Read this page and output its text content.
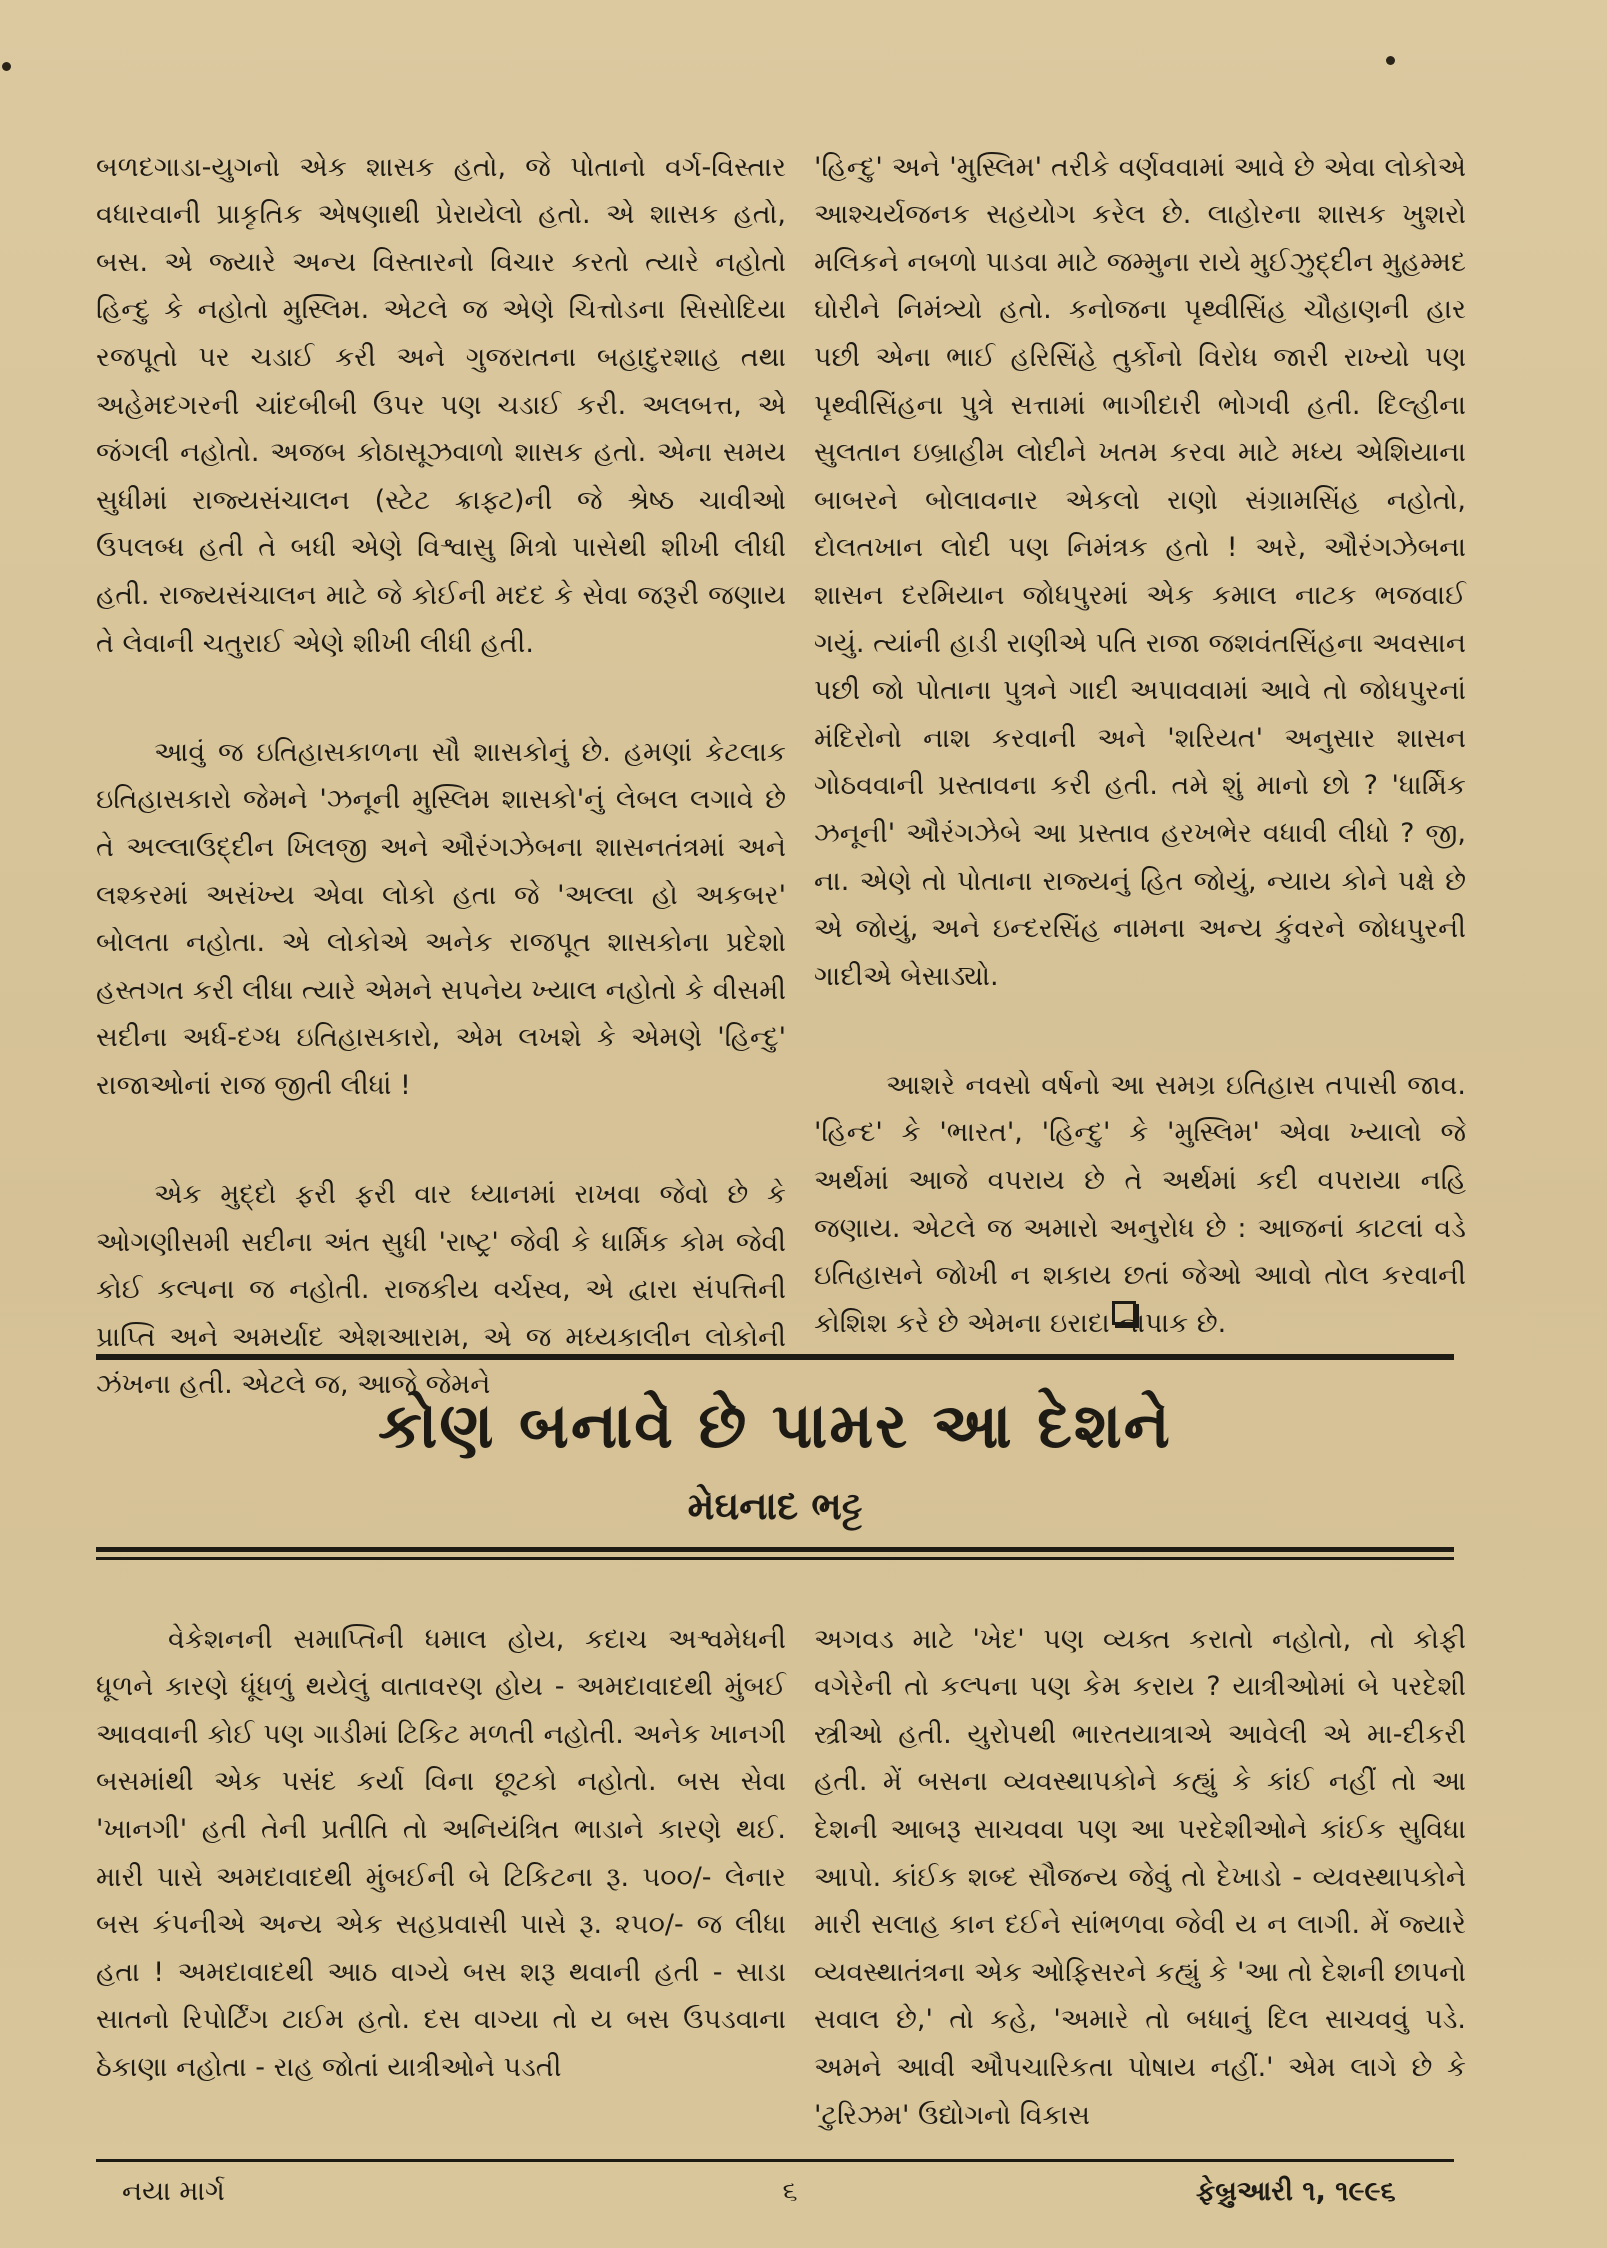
બળદગાડા-યુગનો એક શાસક હતો, જે પોતાનો વર્ગ-વિસ્તાર વધારવાની પ્રાકૃતિક એષણાથી પ્રેરાયેલો હતો. એ શાસક હતો, બસ. એ જ્યારે અન્ય વિસ્તારનો વિચાર કરતો ત્યારે નહોતો હિન્દુ કે નહોતો મુસ્લિમ. એટલે જ એણે ચિત્તોડના સિસોદિયા રજપૂતો પર ચડાઈ કરી અને ગુજરાતના બહાદુરશાહ તથા અહેમદગરની ચાંદબીબી ઉપર પણ ચડાઈ કરી. અલબત્ત, એ જંગલી નહોતો. અજબ કોઠાસૂઝવાળો શાસક હતો. એના સમય સુધીમાં રાજ્યસંચાલન (સ્ટેટ ક્રાફ્ટ)ની જે શ્રેષ્ઠ ચાવીઓ ઉપલબ્ધ હતી તે બધી એણે વિશ્વાસુ મિત્રો પાસેથી શીખી લીધી હતી. રાજ્યસંચાલન માટે જે કોઈની મદદ કે સેવા જરૂરી જણાય તે લેવાની ચતુરાઈ એણે શીખી લીધી હતી.

આવું જ ઇતિહાસકાળના સૌ શાસકોનું છે. હમણાં કેટલાક ઇતિહાસકારો જેમને 'ઝનૂની મુસ્લિમ શાસકો'નું લેબલ લગાવે છે તે અલ્લાઉદ્દીન ખિલજી અને ઔરંગઝેબના શાસનતંત્રમાં અને લશ્કરમાં અસંખ્ય એવા લોકો હતા જે 'અલ્લા હો અકબર' બોલતા નહોતા. એ લોકોએ અનેક રાજપૂત શાસકોના પ્રદેશો હસ્તગત કરી લીધા ત્યારે એમને સપનેય ખ્યાલ નહોતો કે વીસમી સદીના અર્ધ-દગ્ધ ઇતિહાસકારો, એમ લખશે કે એમણે 'હિન્દુ' રાજાઓનાં રાજ જીતી લીધાં !

એક મુદ્દો ફરી ફરી વાર ધ્યાનમાં રાખવા જેવો છે કે ઓગણીસમી સદીના અંત સુધી 'રાષ્ટ્ર' જેવી કે ધાર્મિક કોમ જેવી કોઈ કલ્પના જ નહોતી. રાજકીય વર્ચસ્વ, એ દ્વારા સંપત્તિની પ્રાપ્તિ અને અમર્યાદ એશઆરામ, એ જ મધ્યકાલીન લોકોની ઝંખના હતી. એટલે જ, આજે જેમને

'હિન્દુ' અને 'મુસ્લિમ' તરીકે વર્ણવવામાં આવે છે એવા લોકોએ આશ્ચર્યજનક સહયોગ કરેલ છે. લાહોરના શાસક ખુશરો મલિકને નબળો પાડવા માટે જમ્મુના રાયે મુઈઝુદ્દીન મુહમ્મદ ઘોરીને નિમંત્ર્યો હતો. કનોજના પૃથ્વીસિંહ ચૌહાણની હાર પછી એના ભાઈ હરિસિંહે તુર્કોનો વિરોધ જારી રાખ્યો પણ પૃથ્વીસિંહના પુત્રે સત્તામાં ભાગીદારી ભોગવી હતી. દિલ્હીના સુલતાન ઇબ્રાહીમ લોદીને ખતમ કરવા માટે મધ્ય એશિયાના બાબરને બોલાવનાર એકલો રાણો સંગ્રામસિંહ નહોતો, દોલતખાન લોદી પણ નિમંત્રક હતો ! અરે, ઔરંગઝેબના શાસન દરમિયાન જોધપુરમાં એક કમાલ નાટક ભજવાઈ ગયું. ત્યાંની હાડી રાણીએ પતિ રાજા જશવંતસિંહના અવસાન પછી જો પોતાના પુત્રને ગાદી અપાવવામાં આવે તો જોધપુરનાં મંદિરોનો નાશ કરવાની અને 'શરિયત' અનુસાર શાસન ગોઠવવાની પ્રસ્તાવના કરી હતી. તમે શું માનો છો ? 'ધાર્મિક ઝનૂની' ઔરંગઝેબે આ પ્રસ્તાવ હરખભેર વધાવી લીધો ? જી, ના. એણે તો પોતાના રાજ્યનું હિત જોયું, ન્યાય કોને પક્ષે છે એ જોયું, અને ઇન્દરસિંહ નામના અન્ય કુંવરને જોધપુરની ગાદીએ બેસાડ્યો.

આશરે નવસો વર્ષનો આ સમગ્ર ઇતિહાસ તપાસી જાવ. 'હિન્દ' કે 'ભારત', 'હિન્દુ' કે 'મુસ્લિમ' એવા ખ્યાલો જે અર્થમાં આજે વપરાય છે તે અર્થમાં કદી વપરાયા નહિ જણાય. એટલે જ અમારો અનુરોધ છે : આજનાં કાટલાં વડે ઇતિહાસને જોખી ન શકાય છતાં જેઓ આવો તોલ કરવાની કોશિશ કરે છે એમના ઇરાદા નાપાક છે.

કોણ બનાવે છે પામર આ દેશને
મેઘનાદ ભટ્ટ

વેકેશનની સમાપ્તિની ધમાલ હોય, કદાચ અશ્વમેધની ધૂળને કારણે ધૂંધળું થયેલું વાતાવરણ હોય - અમદાવાદથી મુંબઈ આવવાની કોઈ પણ ગાડીમાં ટિકિટ મળતી નહોતી. અનેક ખાનગી બસમાંથી એક પસંદ કર્યા વિના છૂટકો નહોતો. બસ સેવા 'ખાનગી' હતી તેની પ્રતીતિ તો અનિયંત્રિત ભાડાને કારણે થઈ. મારી પાસે અમદાવાદથી મુંબઈની બે ટિકિટના રૂ. ૫૦૦/- લેનાર બસ કંપનીએ અન્ય એક સહપ્રવાસી પાસે રૂ. ૨૫૦/- જ લીધા હતા ! અમદાવાદથી આઠ વાગ્યે બસ શરૂ થવાની હતી - સાડા સાતનો રિપોર્ટિંગ ટાઈમ હતો. દસ વાગ્યા તો ય બસ ઉપડવાના ઠેકાણા નહોતા - રાહ જોતાં યાત્રીઓને પડતી

અગવડ માટે 'ખેદ' પણ વ્યક્ત કરાતો નહોતો, તો કોફી વગેરેની તો કલ્પના પણ કેમ કરાય ? યાત્રીઓમાં બે પરદેશી સ્ત્રીઓ હતી. યુરોપથી ભારતયાત્રાએ આવેલી એ મા-દીકરી હતી. મેં બસના વ્યવસ્થાપકોને કહ્યું કે કાંઈ નહીં તો આ દેશની આબરૂ સાચવવા પણ આ પરદેશીઓને કાંઈક સુવિધા આપો. કાંઈક શબ્દ સૌજન્ય જેવું તો દેખાડો - વ્યવસ્થાપકોને મારી સલાહ કાન દઈને સાંભળવા જેવી ય ન લાગી. મેં જ્યારે વ્યવસ્થાતંત્રના એક ઓફિસરને કહ્યું કે 'આ તો દેશની છાપનો સવાલ છે,' તો કહે, 'અમારે તો બધાનું દિલ સાચવવું પડે. અમને આવી ઔપચારિકતા પોષાય નહીં.' એમ લાગે છે કે 'ટુરિઝમ' ઉદ્યોગનો વિકાસ

નયા માર્ગ	૬	ફેબ્રુઆરી ૧, ૧૯૯૬
